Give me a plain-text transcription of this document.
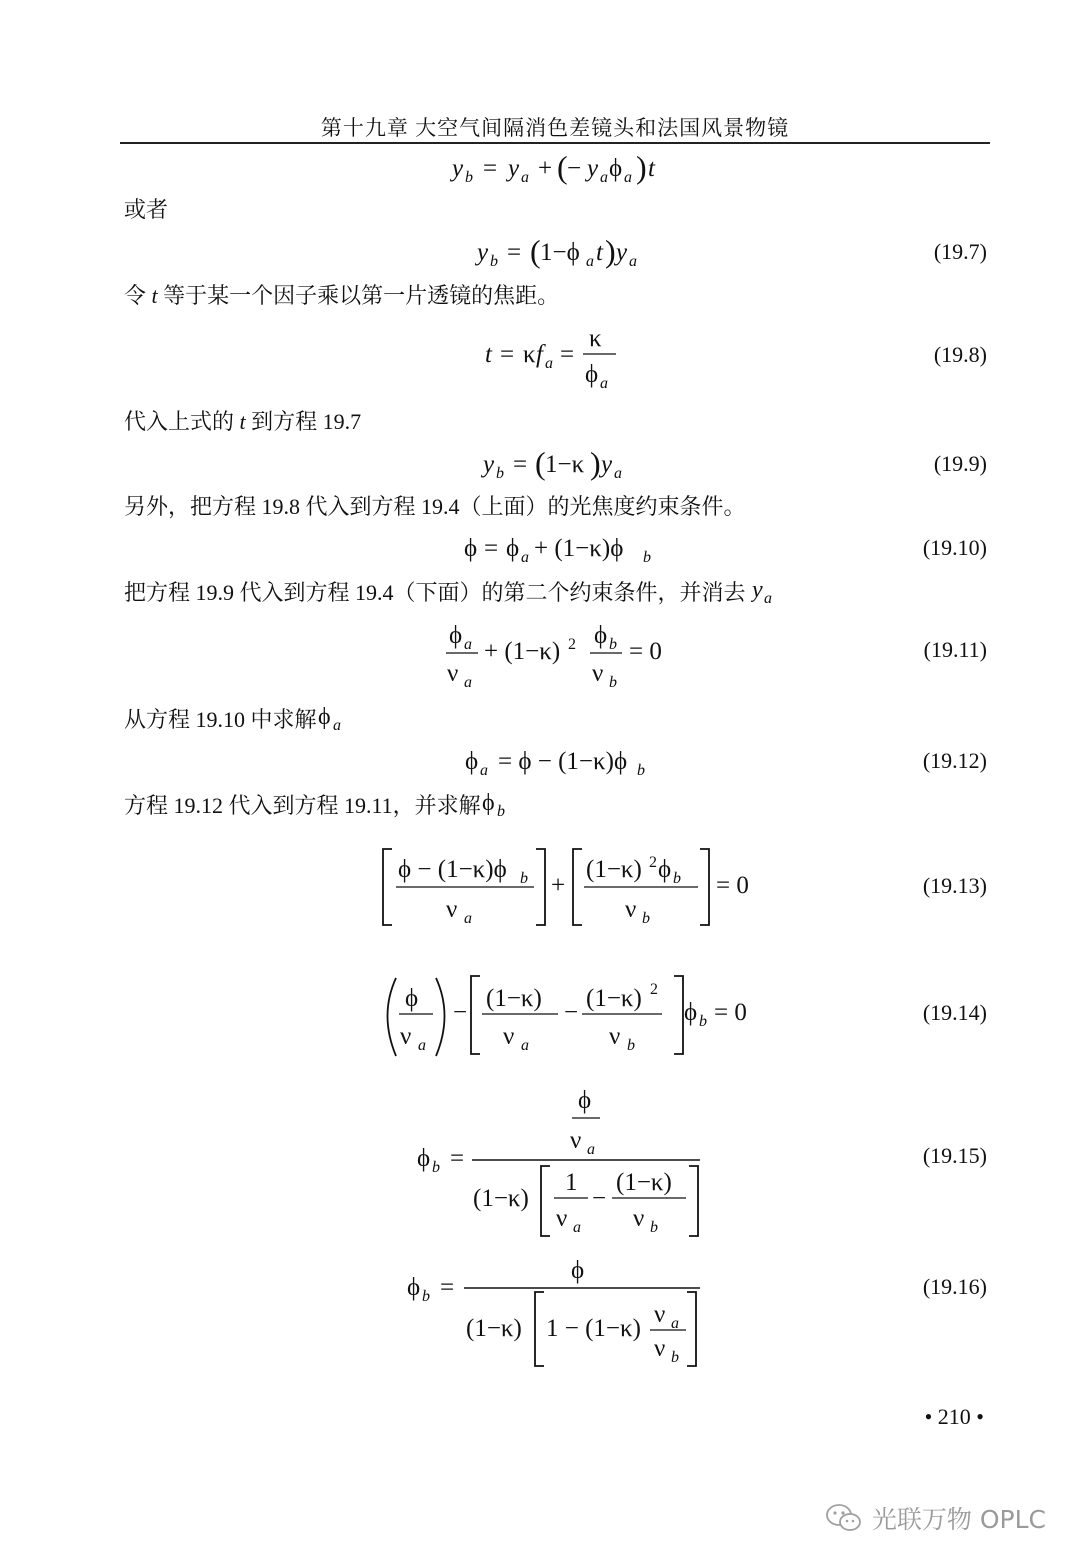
第十九章 大空气间隔消色差镜头和法国风景物镜
y b = y a + ( − y a ϕ a ) t
或者
y b = ( 1−ϕ a t ) y a	(19.7)
令 t 等于某一个因子乘以第一片透镜的焦距。
t = κ f a =
κ
ϕ a
(19.8)
代入上式的 t 到方程 19.7
y b = ( 1−κ ) y a	(19.9)
另外，把方程 19.8 代入到方程 19.4（上面）的光焦度约束条件。
ϕ = ϕ a + (1−κ)ϕ b	(19.10)
把方程 19.9 代入到方程 19.4（下面）的第二个约束条件，并消去 y a
ϕ a
ν a
+ (1−κ) 2 ϕ b
ν b
= 0	(19.11)
从方程 19.10 中求解 ϕ a
ϕ a = ϕ − (1−κ)ϕ b	(19.12)
方程 19.12 代入到方程 19.11，并求解 ϕ b
ϕ − (1−κ)ϕ b
ν a
+
(1−κ) 2 ϕ b
ν b
= 0	(19.13)
ϕ
ν a
−
(1−κ)
ν a
−
(1−κ) 2
ν b
ϕ b = 0	(19.14)
ϕ b =
ϕ
ν a
(1−κ)
1
ν a
−
(1−κ)
ν b
(19.15)
ϕ b =
ϕ
(1−κ) 1 − (1−κ)
ν a
ν b
(19.16)
• 210 •
光联万物 OPLC
